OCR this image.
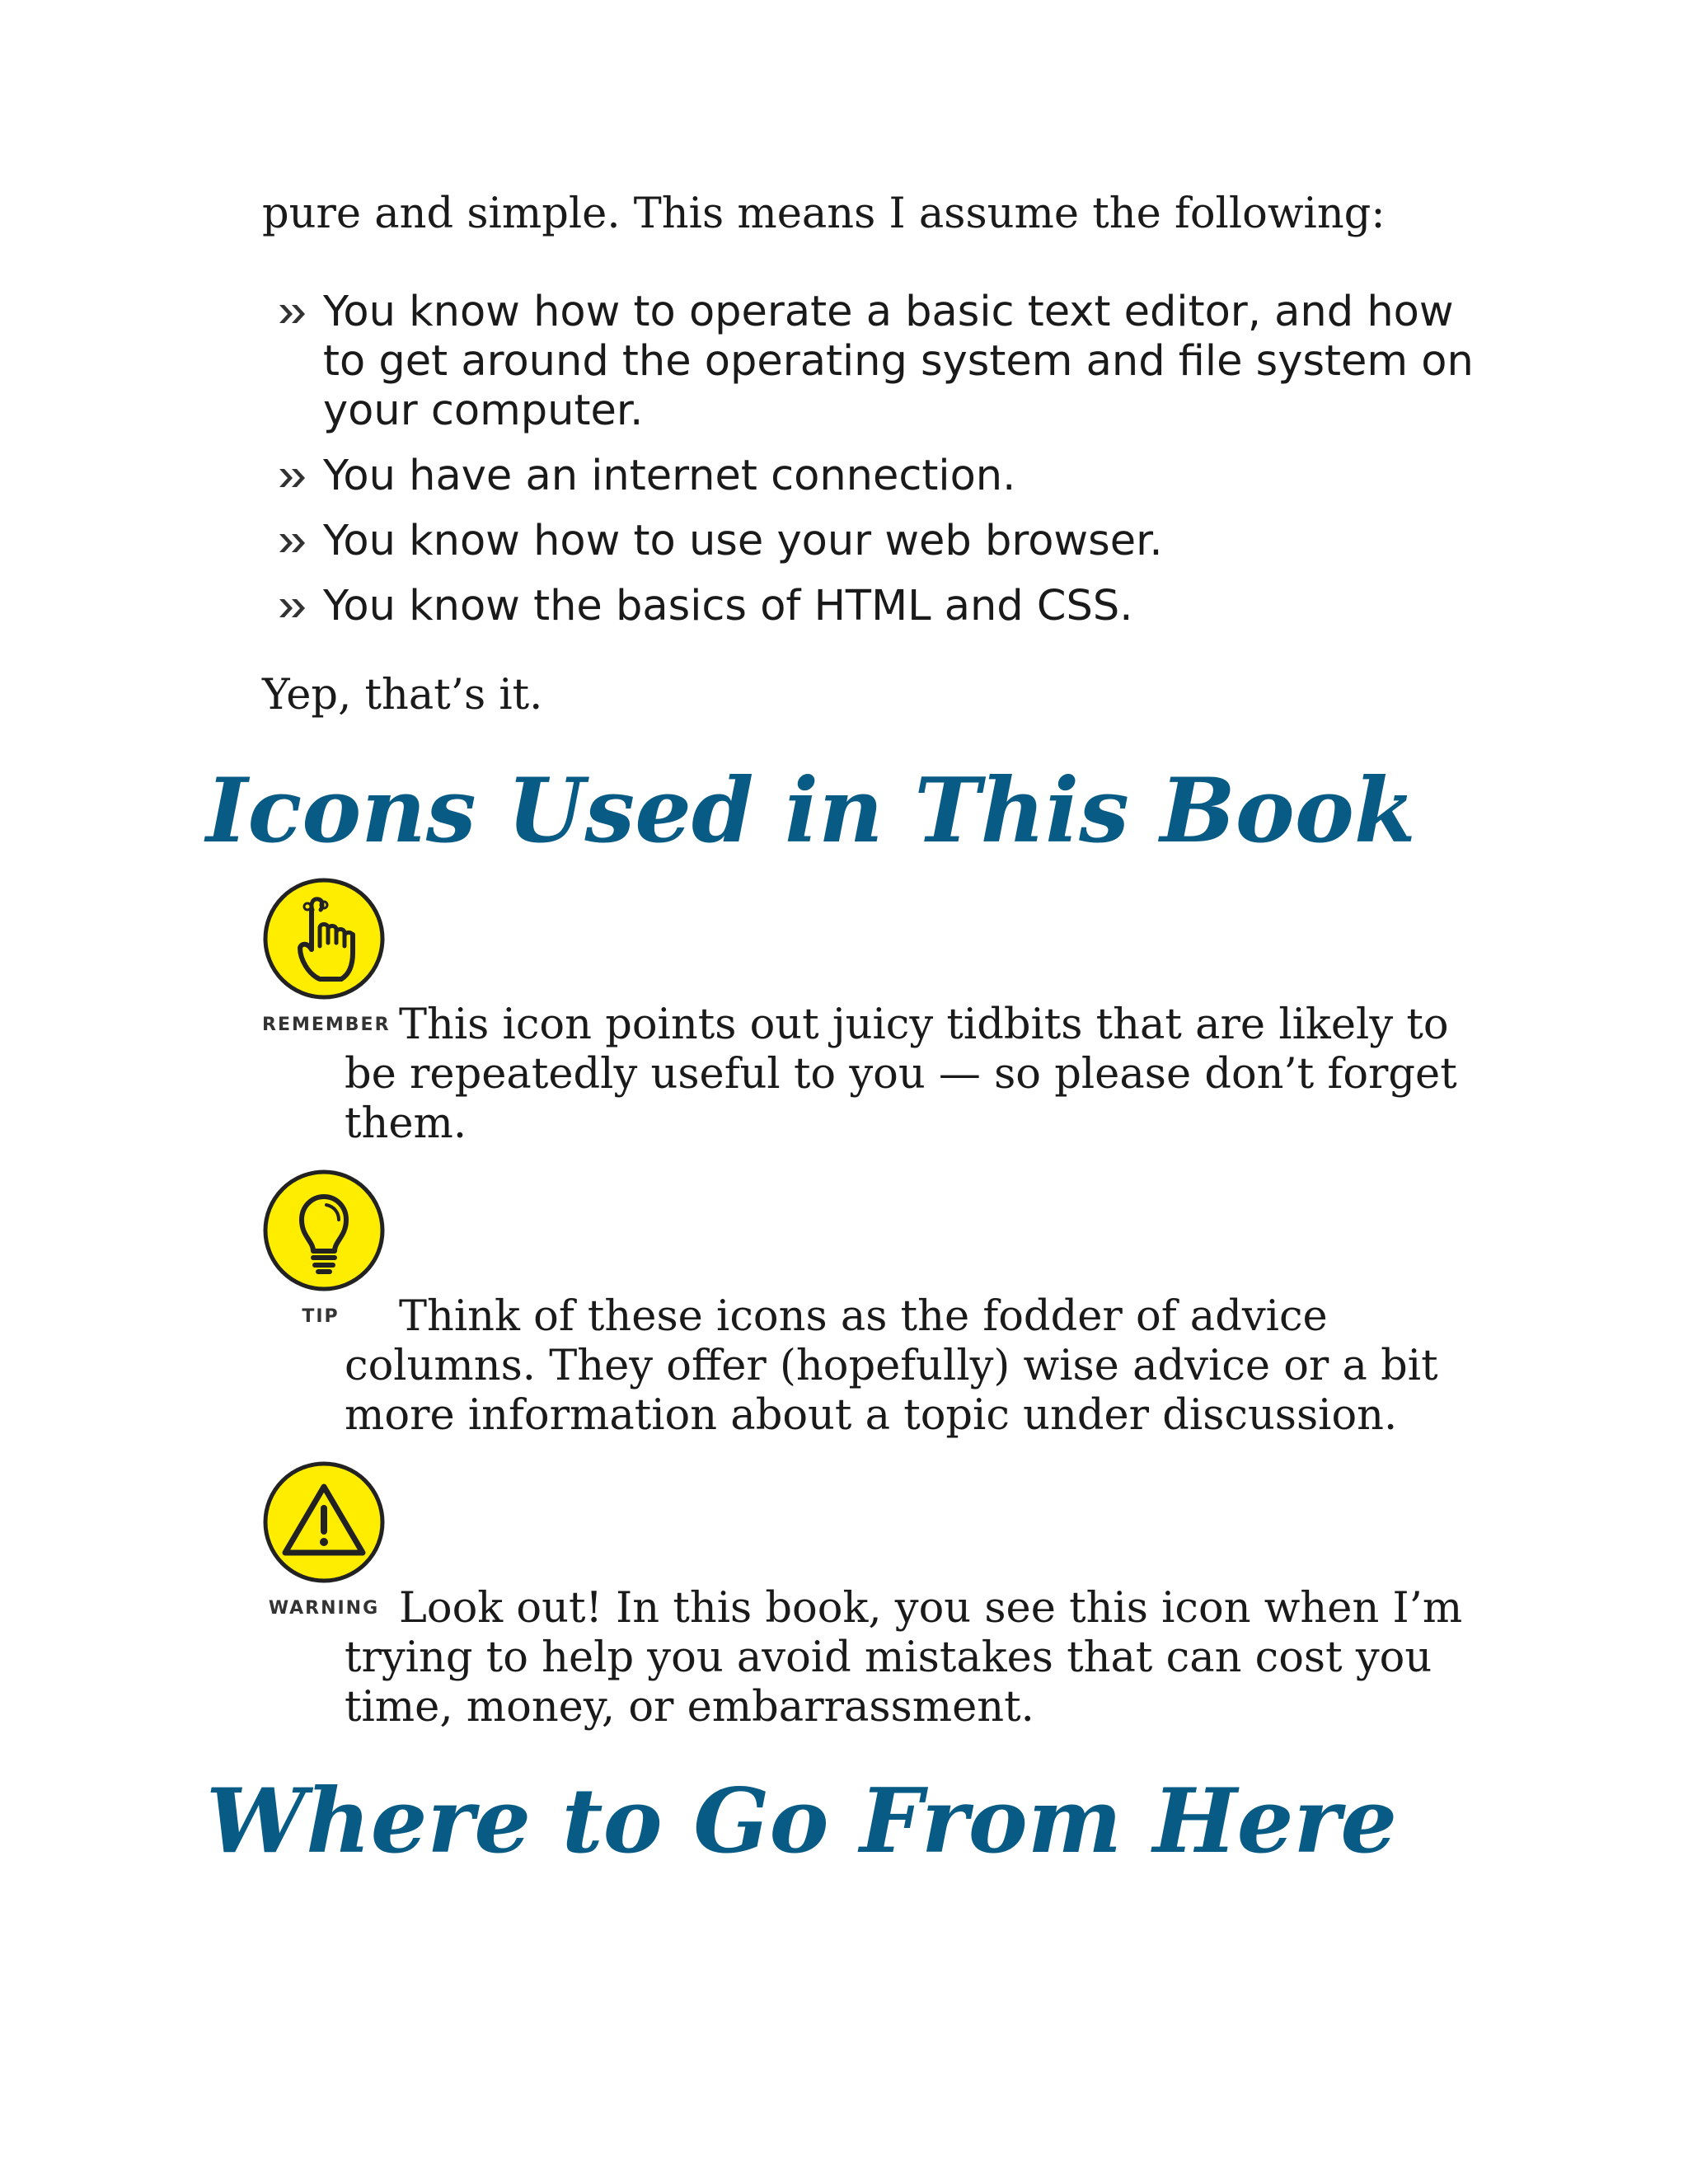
pure and simple. This means I assume the following:
You know how to operate a basic text editor, and how to get around the operating system and file system on your computer.
You have an internet connection.
You know how to use your web browser.
You know the basics of HTML and CSS.
Yep, that’s it.
Icons Used in This Book
REMEMBER This icon points out juicy tidbits that are likely to be repeatedly useful to you — so please don’t forget them.
TIP	Think of these icons as the fodder of advice columns. They offer (hopefully) wise advice or a bit more information about a topic under discussion.
WARNING Look out! In this book, you see this icon when I’m trying to help you avoid mistakes that can cost you time, money, or embarrassment.
Where to Go From Here
